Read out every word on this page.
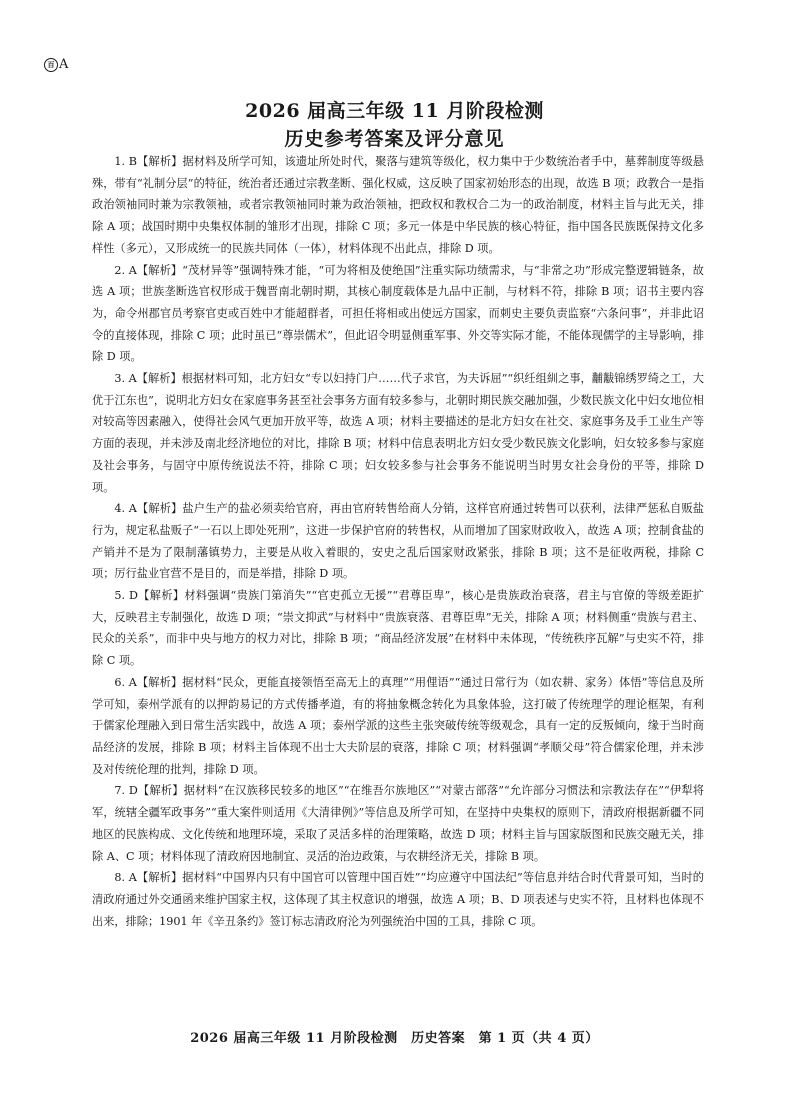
百 A
2026 届高三年级 11 月阶段检测
历史参考答案及评分意见

1. B【解析】据材料及所学可知，该遗址所处时代，聚落与建筑等级化，权力集中于少数统治者手中，墓葬制度等级悬殊，带有“礼制分层”的特征，统治者还通过宗教垄断、强化权威，这反映了国家初始形态的出现，故选 B 项；政教合一是指政治领袖同时兼为宗教领袖，或者宗教领袖同时兼为政治领袖，把政权和教权合二为一的政治制度，材料主旨与此无关，排除 A 项；战国时期中央集权体制的雏形才出现，排除 C 项；多元一体是中华民族的核心特征，指中国各民族既保持文化多样性（多元），又形成统一的民族共同体（一体），材料体现不出此点，排除 D 项。

2. A【解析】“茂材异等”强调特殊才能，“可为将相及使绝国”注重实际功绩需求，与“非常之功”形成完整逻辑链条，故选 A 项；世族垄断选官权形成于魏晋南北朝时期，其核心制度载体是九品中正制，与材料不符，排除 B 项；诏书主要内容为，命令州郡官员考察官吏或百姓中才能超群者，可担任将相或出使远方国家，而刺史主要负责监察“六条问事”，并非此诏令的直接体现，排除 C 项；此时虽已“尊崇儒术”，但此诏令明显侧重军事、外交等实际才能，不能体现儒学的主导影响，排除 D 项。

3. A【解析】根据材料可知，北方妇女“专以妇持门户……代子求官，为夫诉屈”“织纴组紃之事，黼黻锦绣罗绮之工，大优于江东也”，说明北方妇女在家庭事务甚至社会事务方面有较多参与，北朝时期民族交融加强，少数民族文化中妇女地位相对较高等因素融入，使得社会风气更加开放平等，故选 A 项；材料主要描述的是北方妇女在社交、家庭事务及手工业生产等方面的表现，并未涉及南北经济地位的对比，排除 B 项；材料中信息表明北方妇女受少数民族文化影响，妇女较多参与家庭及社会事务，与固守中原传统说法不符，排除 C 项；妇女较多参与社会事务不能说明当时男女社会身份的平等，排除 D 项。

4. A【解析】盐户生产的盐必须卖给官府，再由官府转售给商人分销，这样官府通过转售可以获利，法律严惩私自贩盐行为，规定私盐贩子“一石以上即处死刑”，这进一步保护官府的转售权，从而增加了国家财政收入，故选 A 项；控制食盐的产销并不是为了限制藩镇势力，主要是从收入着眼的，安史之乱后国家财政紧张，排除 B 项；这不是征收两税，排除 C 项；厉行盐业官营不是目的，而是举措，排除 D 项。

5. D【解析】材料强调“贵族门第消失”“官吏孤立无援”“君尊臣卑”，核心是贵族政治衰落，君主与官僚的等级差距扩大，反映君主专制强化，故选 D 项；“崇文抑武”与材料中“贵族衰落、君尊臣卑”无关，排除 A 项；材料侧重“贵族与君主、民众的关系”，而非中央与地方的权力对比，排除 B 项；“商品经济发展”在材料中未体现，“传统秩序瓦解”与史实不符，排除 C 项。

6. A【解析】据材料“民众，更能直接领悟至高无上的真理”“用俚语”“通过日常行为（如农耕、家务）体悟”等信息及所学可知，泰州学派有的以押韵易记的方式传播孝道，有的将抽象概念转化为具象体验，这打破了传统理学的理论框架，有利于儒家伦理融入到日常生活实践中，故选 A 项；泰州学派的这些主张突破传统等级观念，具有一定的反叛倾向，缘于当时商品经济的发展，排除 B 项；材料主旨体现不出士大夫阶层的衰落，排除 C 项；材料强调“孝顺父母”符合儒家伦理，并未涉及对传统伦理的批判，排除 D 项。

7. D【解析】据材料“在汉族移民较多的地区”“在维吾尔族地区”“对蒙古部落”“允许部分习惯法和宗教法存在”“伊犁将军，统辖全疆军政事务”“重大案件则适用《大清律例》”等信息及所学可知，在坚持中央集权的原则下，清政府根据新疆不同地区的民族构成、文化传统和地理环境，采取了灵活多样的治理策略，故选 D 项；材料主旨与国家版图和民族交融无关，排除 A、C 项；材料体现了清政府因地制宜、灵活的治边政策，与农耕经济无关，排除 B 项。

8. A【解析】据材料“中国界内只有中国官可以管理中国百姓”“均应遵守中国法纪”等信息并结合时代背景可知，当时的清政府通过外交通函来维护国家主权，这体现了其主权意识的增强，故选 A 项；B、D 项表述与史实不符，且材料也体现不出来，排除；1901 年《辛丑条约》签订标志清政府沦为列强统治中国的工具，排除 C 项。

2026 届高三年级 11 月阶段检测　历史答案　第 1 页（共 4 页）
